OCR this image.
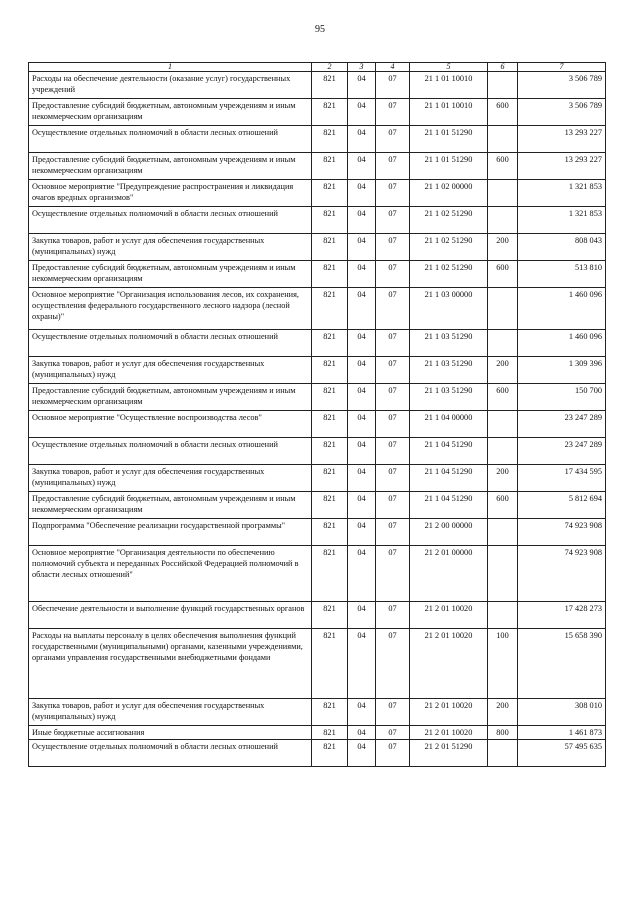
95
1	2	3	4	5	6	7
Расходы на обеспечение деятельности (оказание услуг) государственных учреждений	821	04	07	21 1 01 10010		3 506 789
Предоставление субсидий бюджетным, автономным учреждениям и иным некоммерческим организациям	821	04	07	21 1 01 10010	600	3 506 789
Осуществление отдельных полномочий в области лесных отношений	821	04	07	21 1 01 51290		13 293 227
Предоставление субсидий бюджетным, автономным учреждениям и иным некоммерческим организациям	821	04	07	21 1 01 51290	600	13 293 227
Основное мероприятие "Предупреждение распространения и ликвидация очагов вредных организмов"	821	04	07	21 1 02 00000		1 321 853
Осуществление отдельных полномочий в области лесных отношений	821	04	07	21 1 02 51290		1 321 853
Закупка товаров, работ и услуг для обеспечения государственных (муниципальных) нужд	821	04	07	21 1 02 51290	200	808 043
Предоставление субсидий бюджетным, автономным учреждениям и иным некоммерческим организациям	821	04	07	21 1 02 51290	600	513 810
Основное мероприятие "Организация использования лесов, их сохранения, осуществления федерального государственного лесного надзора (лесной охраны)"	821	04	07	21 1 03 00000		1 460 096
Осуществление отдельных полномочий в области лесных отношений	821	04	07	21 1 03 51290		1 460 096
Закупка товаров, работ и услуг для обеспечения государственных (муниципальных) нужд	821	04	07	21 1 03 51290	200	1 309 396
Предоставление субсидий бюджетным, автономным учреждениям и иным некоммерческим организациям	821	04	07	21 1 03 51290	600	150 700
Основное мероприятие "Осуществление воспроизводства лесов"	821	04	07	21 1 04 00000		23 247 289
Осуществление отдельных полномочий в области лесных отношений	821	04	07	21 1 04 51290		23 247 289
Закупка товаров, работ и услуг для обеспечения государственных (муниципальных) нужд	821	04	07	21 1 04 51290	200	17 434 595
Предоставление субсидий бюджетным, автономным учреждениям и иным некоммерческим организациям	821	04	07	21 1 04 51290	600	5 812 694
Подпрограмма "Обеспечение реализации государственной программы"	821	04	07	21 2 00 00000		74 923 908
Основное мероприятие "Организация деятельности по обеспечению полномочий субъекта и переданных Российской Федерацией полномочий в области лесных отношений"	821	04	07	21 2 01 00000		74 923 908
Обеспечение деятельности и выполнение функций государственных органов	821	04	07	21 2 01 10020		17 428 273
Расходы на выплаты персоналу в целях обеспечения выполнения функций государственными (муниципальными) органами, казенными учреждениями, органами управления государственными внебюджетными фондами	821	04	07	21 2 01 10020	100	15 658 390
Закупка товаров, работ и услуг для обеспечения государственных (муниципальных) нужд	821	04	07	21 2 01 10020	200	308 010
Иные бюджетные ассигнования	821	04	07	21 2 01 10020	800	1 461 873
Осуществление отдельных полномочий в области лесных отношений	821	04	07	21 2 01 51290		57 495 635
